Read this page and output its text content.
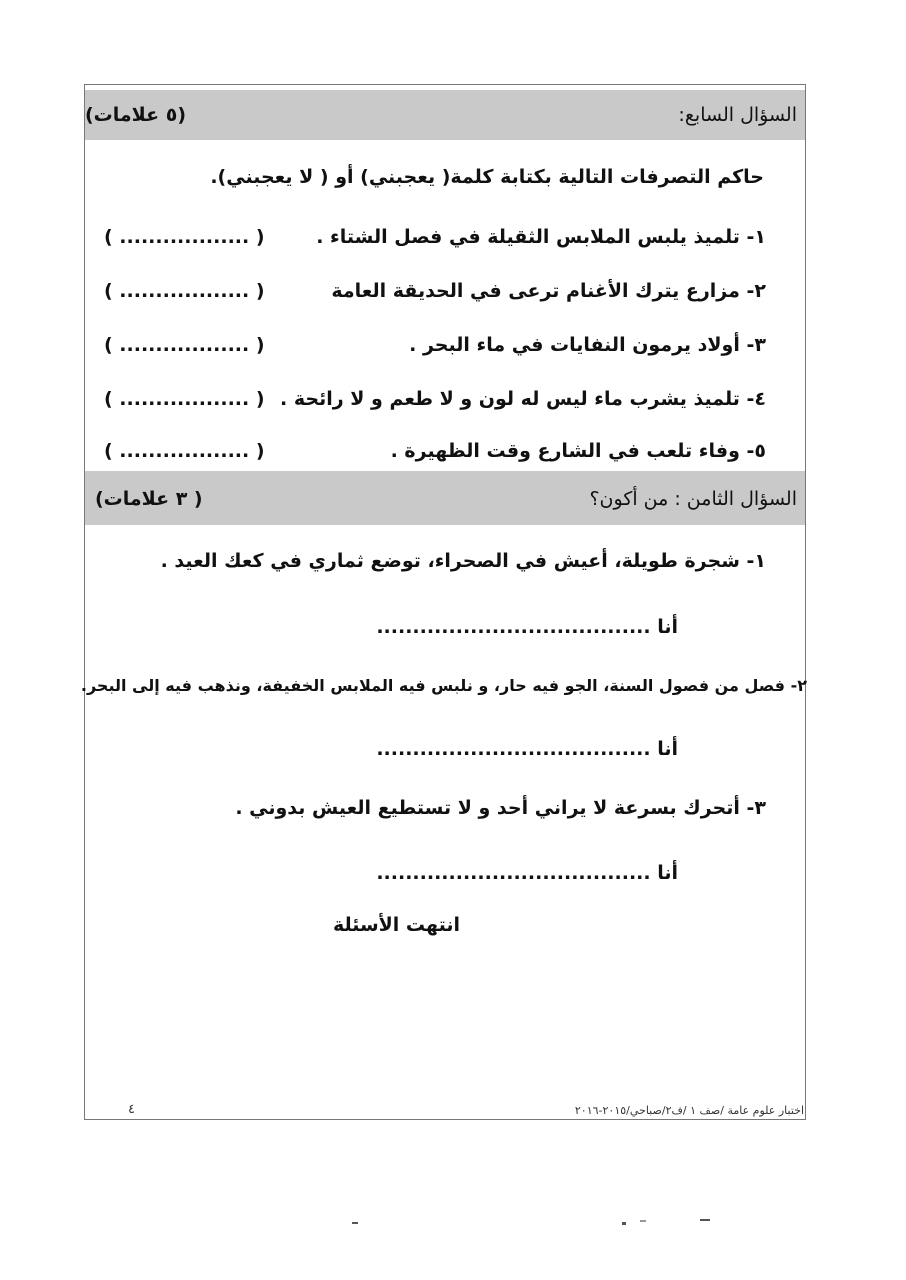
السؤال السابع:
(٥ علامات)
حاكم التصرفات التالية بكتابة كلمة( يعجبني) أو ( لا يعجبني).
١- تلميذ يلبس الملابس الثقيلة في فصل الشتاء .
( .................. )
٢- مزارع يترك الأغنام ترعى في الحديقة العامة
( .................. )
٣- أولاد يرمون النفايات في ماء البحر .
( .................. )
٤- تلميذ يشرب ماء ليس له لون و لا طعم و لا رائحة .
( .................. )
٥- وفاء تلعب في الشارع وقت الظهيرة .
( .................. )
السؤال الثامن : من أكون؟
( ٣ علامات)
١- شجرة طويلة، أعيش في الصحراء، توضع ثماري في كعك العيد .
أنا ......................................
٢- فصل من فصول السنة، الجو فيه حار، و نلبس فيه الملابس الخفيفة، ونذهب فيه إلى البحر.
أنا ......................................
٣- أتحرك بسرعة لا يراني أحد و لا تستطيع العيش بدوني .
أنا ......................................
انتهت الأسئلة
اختبار علوم عامة /صف ١ /ف٢/صباحي/٢٠١٥-٢٠١٦
٤
